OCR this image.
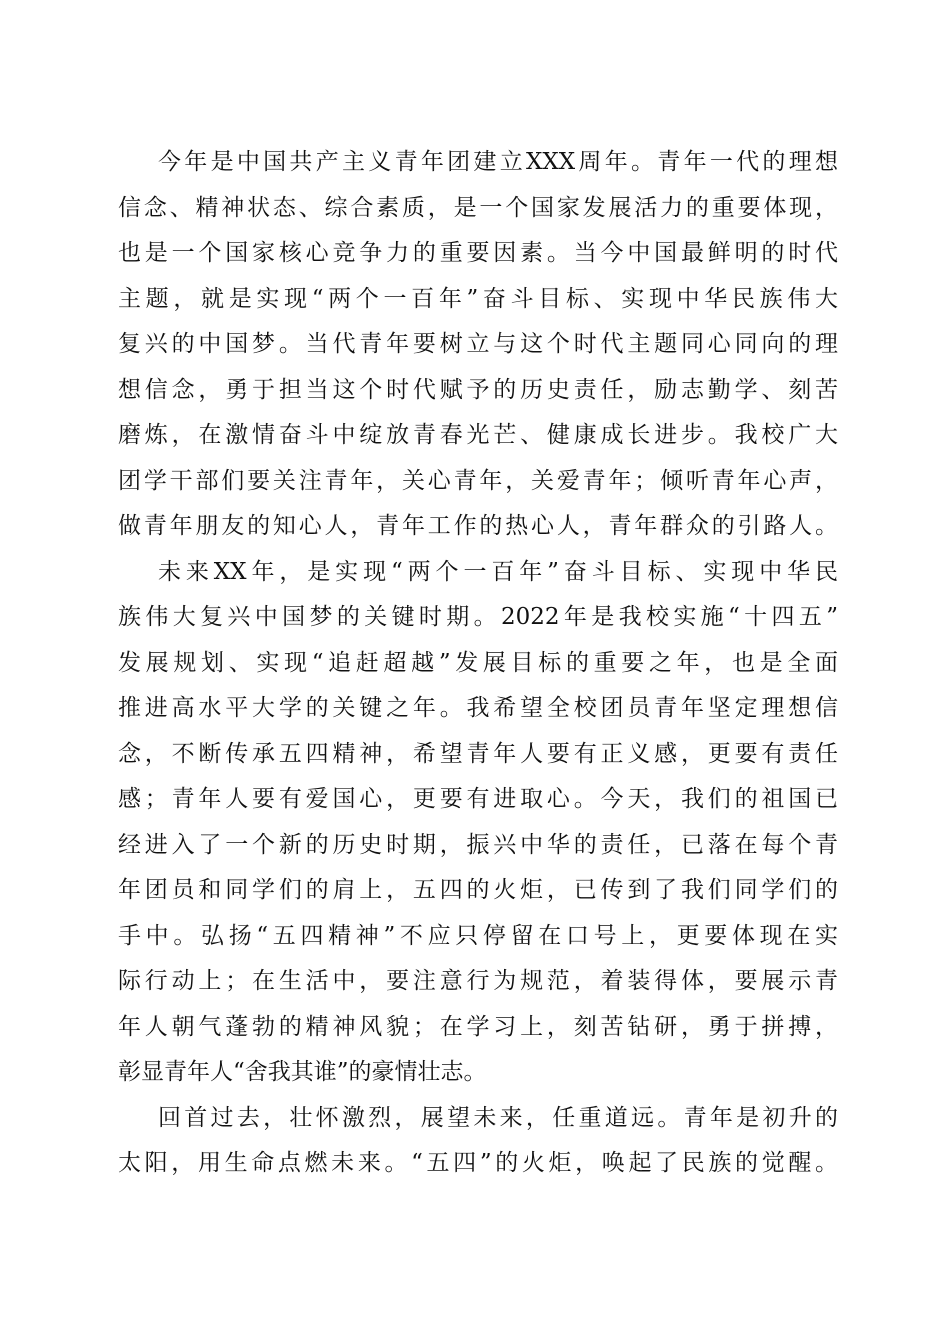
今年是中国共产主义青年团建立XXX周年。青年一代的理想
信念、精神状态、综合素质，是一个国家发展活力的重要体现，
也是一个国家核心竞争力的重要因素。当今中国最鲜明的时代
主题，就是实现“两个一百年”奋斗目标、实现中华民族伟大
复兴的中国梦。当代青年要树立与这个时代主题同心同向的理
想信念，勇于担当这个时代赋予的历史责任，励志勤学、刻苦
磨炼，在激情奋斗中绽放青春光芒、健康成长进步。我校广大
团学干部们要关注青年，关心青年，关爱青年；倾听青年心声，
做青年朋友的知心人，青年工作的热心人，青年群众的引路人。

未来XX年，是实现“两个一百年”奋斗目标、实现中华民
族伟大复兴中国梦的关键时期。2022年是我校实施“十四五”
发展规划、实现“追赶超越”发展目标的重要之年，也是全面
推进高水平大学的关键之年。我希望全校团员青年坚定理想信
念，不断传承五四精神，希望青年人要有正义感，更要有责任
感；青年人要有爱国心，更要有进取心。今天，我们的祖国已
经进入了一个新的历史时期，振兴中华的责任，已落在每个青
年团员和同学们的肩上，五四的火炬，已传到了我们同学们的
手中。弘扬“五四精神”不应只停留在口号上，更要体现在实
际行动上；在生活中，要注意行为规范，着装得体，要展示青
年人朝气蓬勃的精神风貌；在学习上，刻苦钻研，勇于拼搏，
彰显青年人“舍我其谁”的豪情壮志。

回首过去，壮怀激烈，展望未来，任重道远。青年是初升的
太阳，用生命点燃未来。“五四”的火炬，唤起了民族的觉醒。
